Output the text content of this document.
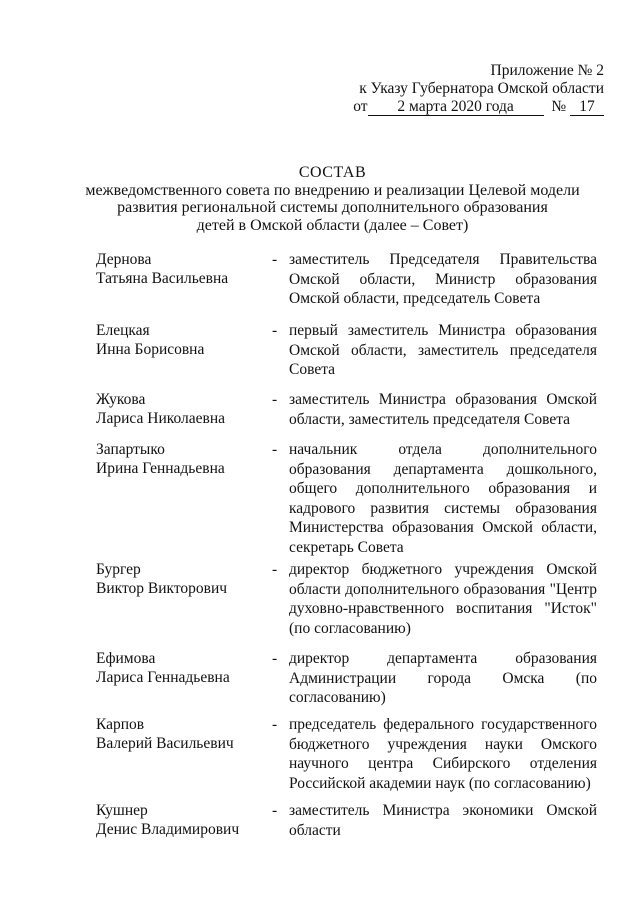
Приложение № 2
к Указу Губернатора Омской области
от 2 марта 2020 года № 17
СОСТАВ
межведомственного совета по внедрению и реализации Целевой модели
развития региональной системы дополнительного образования
детей в Омской области (далее – Совет)
Дернова
Татьяна Васильевна
- заместитель Председателя Правительства Омской области, Министр образования Омской области, председатель Совета
Елецкая
Инна Борисовна
- первый заместитель Министра образования Омской области, заместитель председателя Совета
Жукова
Лариса Николаевна
- заместитель Министра образования Омской области, заместитель председателя Совета
Запартыко
Ирина Геннадьевна
- начальник отдела дополнительного образования департамента дошкольного, общего дополнительного образования и кадрового развития системы образования Министерства образования Омской области, секретарь Совета
Бургер
Виктор Викторович
- директор бюджетного учреждения Омской области дополнительного образования "Центр духовно-нравственного воспитания "Исток" (по согласованию)
Ефимова
Лариса Геннадьевна
- директор департамента образования Администрации города Омска (по согласованию)
Карпов
Валерий Васильевич
- председатель федерального государственного бюджетного учреждения науки Омского научного центра Сибирского отделения Российской академии наук (по согласованию)
Кушнер
Денис Владимирович
- заместитель Министра экономики Омской области
